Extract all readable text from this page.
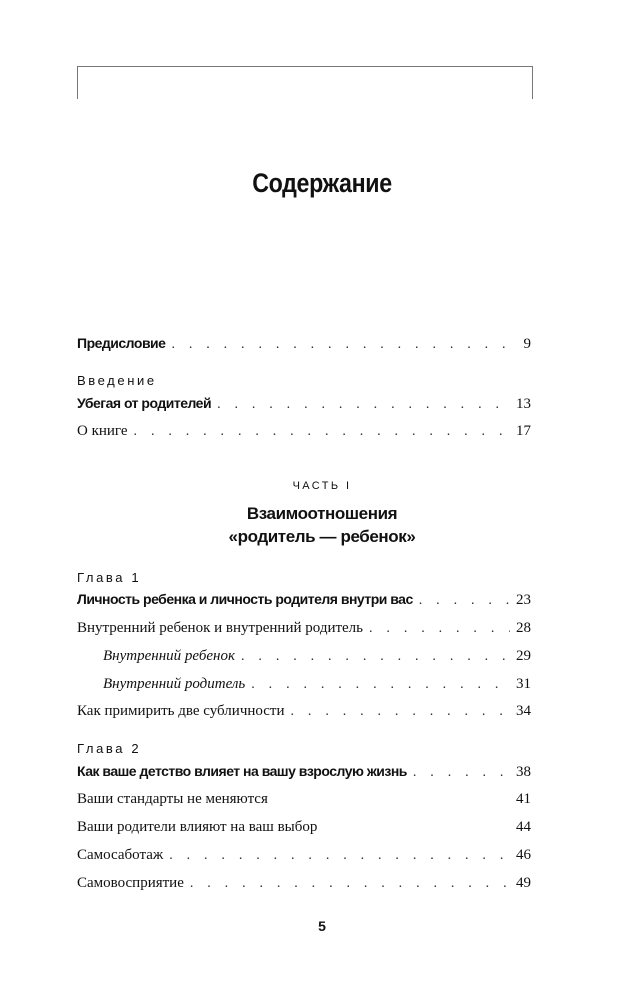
Содержание
Предисловие . . .	9
Введение
Убегая от родителей . . .	13
О книге . . .	17
ЧАСТЬ I
Взаимоотношения
«родитель — ребенок»
Глава 1
Личность ребенка и личность родителя внутри вас . . .	23
Внутренний ребенок и внутренний родитель . . .	28
Внутренний ребенок . . .	29
Внутренний родитель . . .	31
Как примирить две субличности . . .	34
Глава 2
Как ваше детство влияет на вашу взрослую жизнь . . .	38
Ваши стандарты не меняются	41
Ваши родители влияют на ваш выбор	44
Самосаботаж . . .	46
Самовосприятие . . .	49
5
